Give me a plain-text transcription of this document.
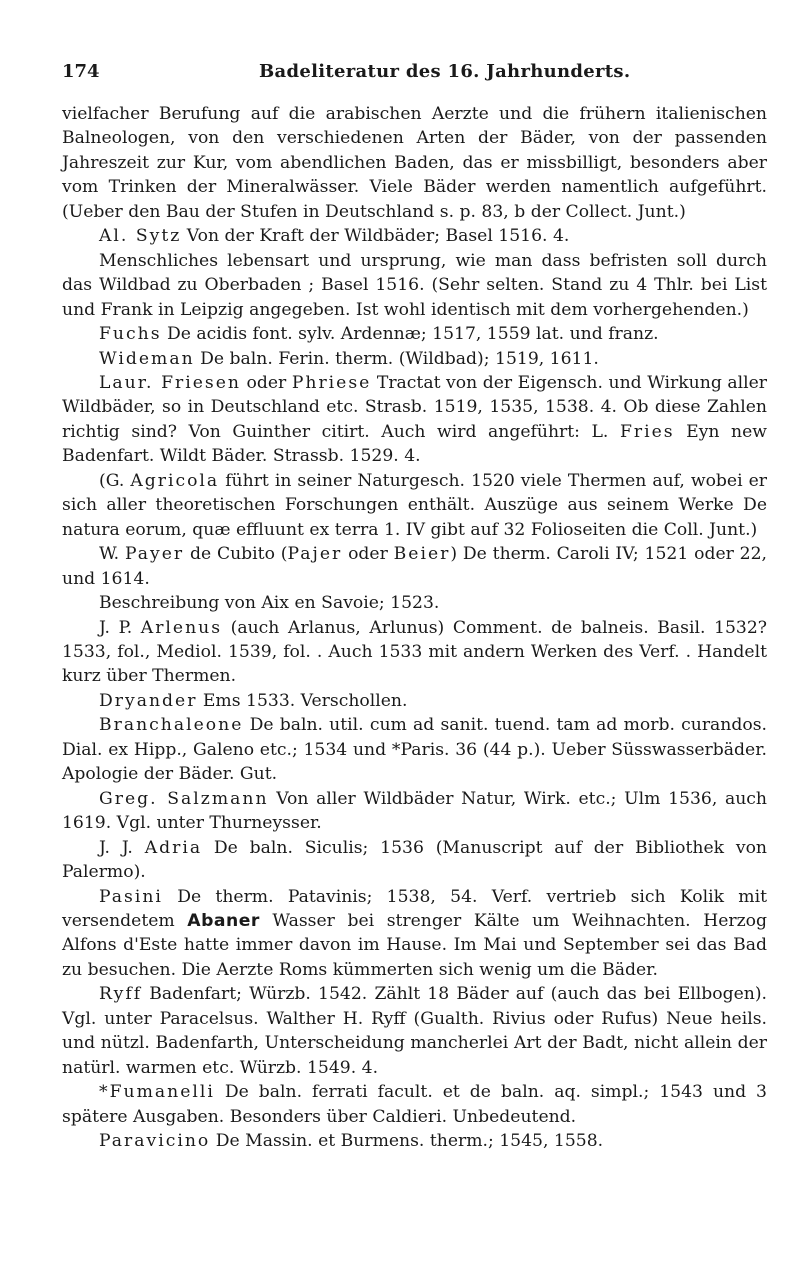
174	Badeliteratur des 16. Jahrhunderts.

vielfacher Berufung auf die arabischen Aerzte und die frühern italienischen Balneologen, von den verschiedenen Arten der Bäder, von der passenden Jahreszeit zur Kur, vom abendlichen Baden, das er missbilligt, besonders aber vom Trinken der Mineralwässer. Viele Bäder werden namentlich aufgeführt. (Ueber den Bau der Stufen in Deutschland s. p. 83, b der Collect. Junt.)

Al. Sytz Von der Kraft der Wildbäder; Basel 1516. 4.

Menschliches lebensart und ursprung, wie man dass befristen soll durch das Wildbad zu Oberbaden ; Basel 1516. (Sehr selten. Stand zu 4 Thlr. bei List und Frank in Leipzig angegeben. Ist wohl identisch mit dem vorhergehenden.)

Fuchs De acidis font. sylv. Ardennæ; 1517, 1559 lat. und franz.

Wideman De baln. Ferin. therm. (Wildbad); 1519, 1611.

Laur. Friesen oder Phriese Tractat von der Eigensch. und Wirkung aller Wildbäder, so in Deutschland etc. Strasb. 1519, 1535, 1538. 4. Ob diese Zahlen richtig sind? Von Guinther citirt. Auch wird angeführt: L. Fries Eyn new Badenfart. Wildt Bäder. Strassb. 1529. 4.

(G. Agricola führt in seiner Naturgesch. 1520 viele Thermen auf, wobei er sich aller theoretischen Forschungen enthält. Auszüge aus seinem Werke De natura eorum, quæ effluunt ex terra 1. IV gibt auf 32 Folioseiten die Coll. Junt.)

W. Payer de Cubito (Pajer oder Beier) De therm. Caroli IV; 1521 oder 22, und 1614.

Beschreibung von Aix en Savoie; 1523.

J. P. Arlenus (auch Arlanus, Arlunus) Comment. de balneis. Basil. 1532? 1533, fol., Mediol. 1539, fol. . Auch 1533 mit andern Werken des Verf. . Handelt kurz über Thermen.

Dryander Ems 1533. Verschollen.

Branchaleone De baln. util. cum ad sanit. tuend. tam ad morb. curandos. Dial. ex Hipp., Galeno etc.; 1534 und *Paris. 36 (44 p.). Ueber Süsswasserbäder. Apologie der Bäder. Gut.

Greg. Salzmann Von aller Wildbäder Natur, Wirk. etc.; Ulm 1536, auch 1619. Vgl. unter Thurneysser.

J. J. Adria De baln. Siculis; 1536 (Manuscript auf der Bibliothek von Palermo).

Pasini De therm. Patavinis; 1538, 54. Verf. vertrieb sich Kolik mit versendetem Abaner Wasser bei strenger Kälte um Weihnachten. Herzog Alfons d'Este hatte immer davon im Hause. Im Mai und September sei das Bad zu besuchen. Die Aerzte Roms kümmerten sich wenig um die Bäder.

Ryff Badenfart; Würzb. 1542. Zählt 18 Bäder auf (auch das bei Ellbogen). Vgl. unter Paracelsus. Walther H. Ryff (Gualth. Rivius oder Rufus) Neue heils. und nützl. Badenfarth, Unterscheidung mancherlei Art der Badt, nicht allein der natürl. warmen etc. Würzb. 1549. 4.

*Fumanelli De baln. ferrati facult. et de baln. aq. simpl.; 1543 und 3 spätere Ausgaben. Besonders über Caldieri. Unbedeutend.

Paravicino De Massin. et Burmens. therm.; 1545, 1558.
